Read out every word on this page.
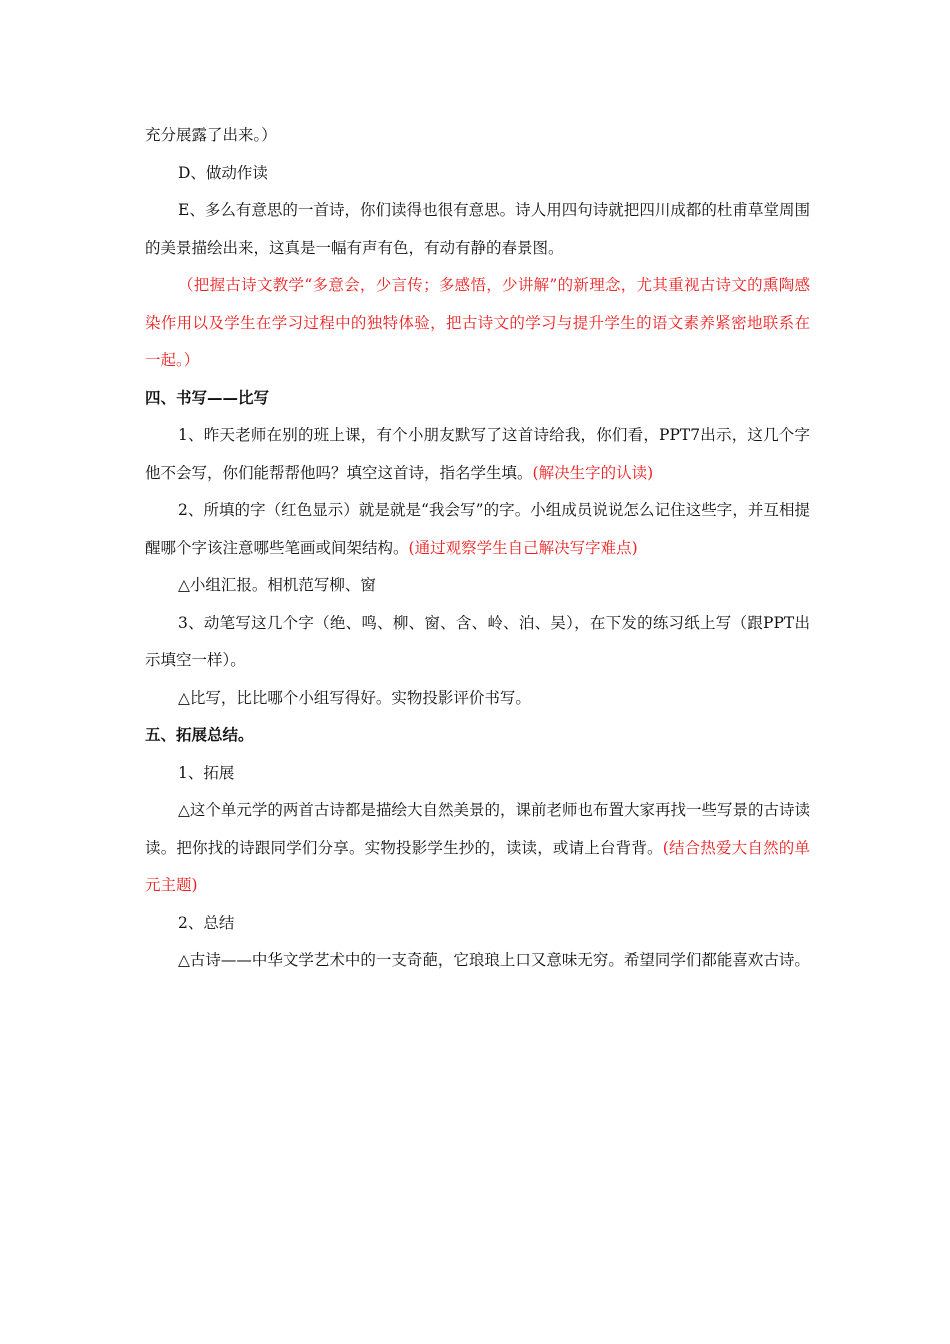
充分展露了出来。）

D、做动作读

E、多么有意思的一首诗，你们读得也很有意思。诗人用四句诗就把四川成都的杜甫草堂周围的美景描绘出来，这真是一幅有声有色，有动有静的春景图。

（把握古诗文教学“多意会，少言传；多感悟，少讲解”的新理念，尤其重视古诗文的熏陶感染作用以及学生在学习过程中的独特体验，把古诗文的学习与提升学生的语文素养紧密地联系在一起。）

四、书写——比写

1、昨天老师在别的班上课，有个小朋友默写了这首诗给我，你们看，PPT7出示，这几个字他不会写，你们能帮帮他吗？填空这首诗，指名学生填。(解决生字的认读)

2、所填的字（红色显示）就是就是“我会写”的字。小组成员说说怎么记住这些字，并互相提醒哪个字该注意哪些笔画或间架结构。(通过观察学生自己解决写字难点)

△小组汇报。相机范写柳、窗

3、动笔写这几个字（绝、鸣、柳、窗、含、岭、泊、吴），在下发的练习纸上写（跟PPT出示填空一样）。

△比写，比比哪个小组写得好。实物投影评价书写。

五、拓展总结。

1、拓展

△这个单元学的两首古诗都是描绘大自然美景的，课前老师也布置大家再找一些写景的古诗读读。把你找的诗跟同学们分享。实物投影学生抄的，读读，或请上台背背。(结合热爱大自然的单元主题)

2、总结

△古诗——中华文学艺术中的一支奇葩，它琅琅上口又意味无穷。希望同学们都能喜欢古诗。
